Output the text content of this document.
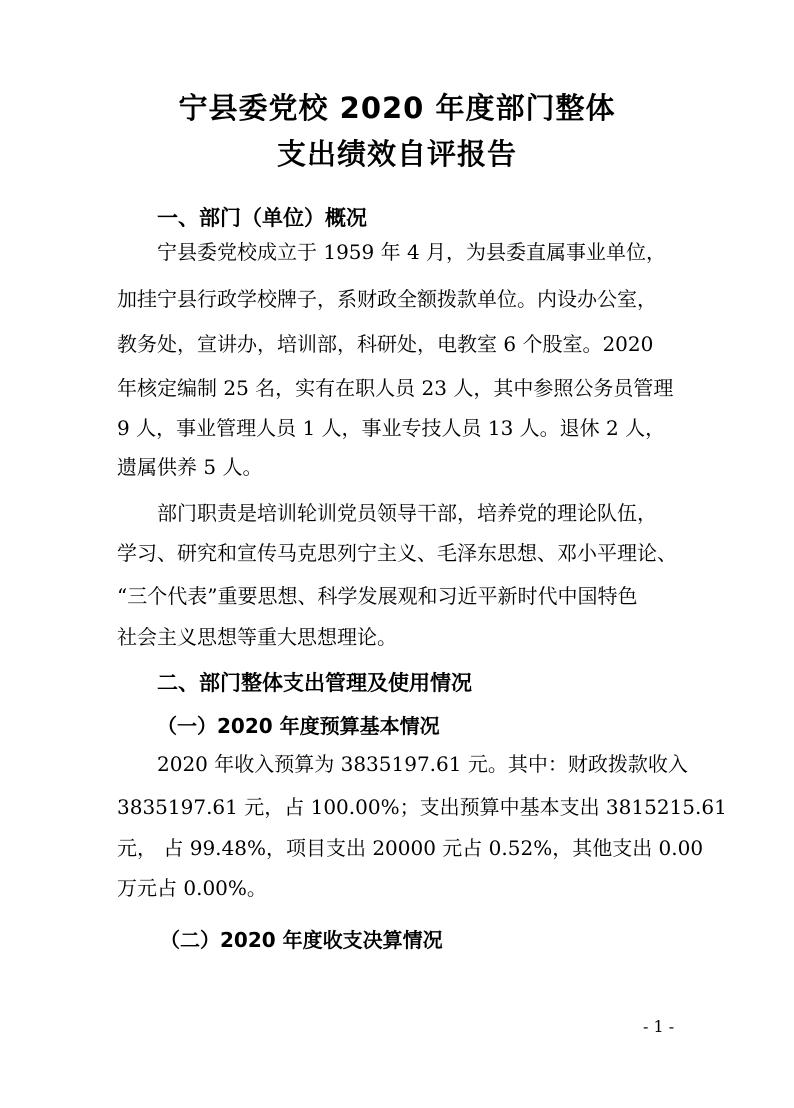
宁县委党校 2020 年度部门整体
支出绩效自评报告
一、部门（单位）概况
宁县委党校成立于 1959 年 4 月，为县委直属事业单位，
加挂宁县行政学校牌子，系财政全额拨款单位。内设办公室，
教务处，宣讲办，培训部，科研处，电教室 6 个股室。2020
年核定编制 25 名，实有在职人员 23 人，其中参照公务员管理
9 人，事业管理人员 1 人，事业专技人员 13 人。退休 2 人，
遗属供养 5 人。
部门职责是培训轮训党员领导干部，培养党的理论队伍，
学习、研究和宣传马克思列宁主义、毛泽东思想、邓小平理论、
“三个代表”重要思想、科学发展观和习近平新时代中国特色
社会主义思想等重大思想理论。
二、部门整体支出管理及使用情况
（一）2020 年度预算基本情况
2020 年收入预算为 3835197.61 元。其中：财政拨款收入
3835197.61 元，占 100.00%；支出预算中基本支出 3815215.61
元， 占 99.48%，项目支出 20000 元占 0.52%，其他支出 0.00
万元占 0.00%。
（二）2020 年度收支决算情况
- 1 -
